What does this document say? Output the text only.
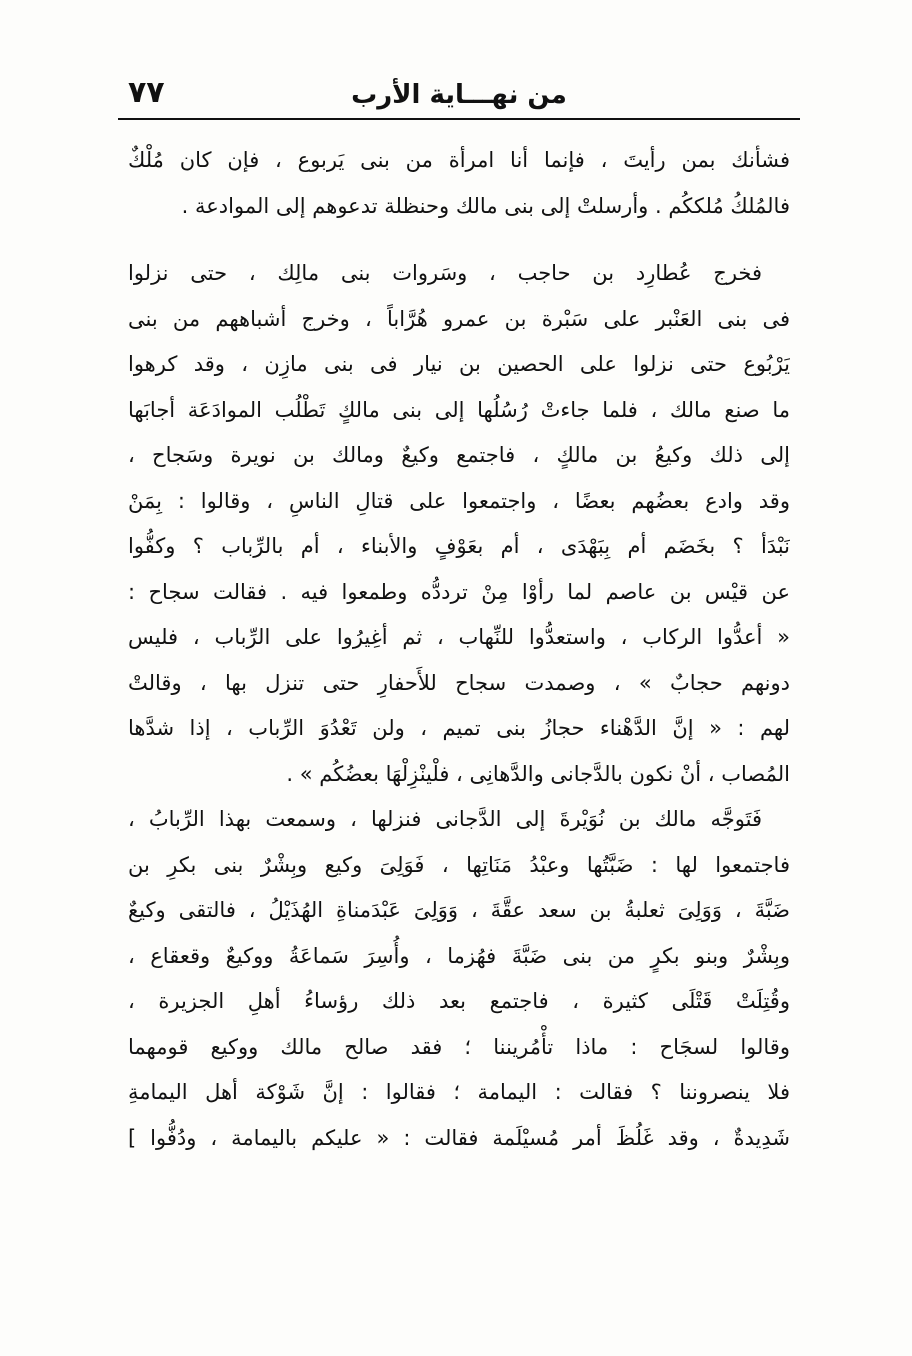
٧٧	من نهـــاية الأرب
فشأنك بمن رأيتَ ، فإنما أنا امرأة من بنى يَربوع ، فإن كان مُلْكٌ
فالمُلكُ مُلككُم . وأرسلتْ إلى بنى مالك وحنظلة تدعوهم إلى الموادعة .
فخرج عُطارِد بن حاجب ، وسَروات بنى مالِك ، حتى نزلوا
فى بنى العَنْبر على سَبْرة بن عمرو هُرَّاباً ، وخرج أشباههم من بنى
يَرْبُوع حتى نزلوا على الحصين بن نيار فى بنى مازِن ، وقد كرهوا
ما صنع مالك ، فلما جاءتْ رُسُلُها إلى بنى مالكٍ تَطْلُب الموادَعَة أجابَها
إلى ذلك وكيعُ بن مالكٍ ، فاجتمع وكيعٌ ومالك بن نويرة وسَجاح ،
وقد وادع بعضُهم بعضًا ، واجتمعوا على قتالِ الناسِ ، وقالوا : بِمَنْ
نَبْدَأ ؟ بخَضَم أم بِبَهْدَى ، أم بعَوْفٍ والأبناء ، أم بالرِّباب ؟ وكفُّوا
عن قيْس بن عاصم لما رأوْا مِنْ ترددُّه وطمعوا فيه . فقالت سجاح :
« أعدُّوا الركاب ، واستعدُّوا للنِّهاب ، ثم أغِيرُوا على الرِّباب ، فليس
دونهم حجابٌ » ، وصمدت سجاح للأَحفارِ حتى تنزل بها ، وقالتْ
لهم : « إنَّ الدَّهْناء حجازُ بنى تميم ، ولن تَعْدُوَ الرِّباب ، إذا شدَّها
المُصاب ، أنْ نكون بالدَّجانى والدَّهانِى ، فلْينْزِلْهَا بعضُكُم » .
فَتَوجَّه مالك بن نُوَيْرةَ إلى الدَّجانى فنزلها ، وسمعت بهذا الرِّبابُ ،
فاجتمعوا لها : ضَبَّتُها وعبْدُ مَنَاتِها ، فَوَلِىَ وكيع وبِشْرٌ بنى بكرِ بن
ضَبَّةَ ، وَوَلِىَ ثعلبةُ بن سعد عقَّةَ ، وَوَلِىَ عَبْدَمناةِ الهُذَيْلُ ، فالتقى وكيعٌ
وبِشْرٌ وبنو بكرٍ من بنى ضَبَّةَ فهُزما ، وأُسِرَ سَماعَةُ ووكيعٌ وقعقاع ،
وقُتِلَتْ قَتْلَى كثيرة ، فاجتمع بعد ذلك رؤساءُ أهلِ الجزيرة ،
وقالوا لسجَاح : ماذا تأْمُريننا ؛ فقد صالح مالك ووكيع قومهما
فلا ينصروننا ؟ فقالت : اليمامة ؛ فقالوا : إنَّ شَوْكة أهل اليمامةِ
شَدِيدةٌ ، وقد غَلُظَ أمر مُسيْلَمة فقالت : « عليكم باليمامة ، ودُفُّوا ]
